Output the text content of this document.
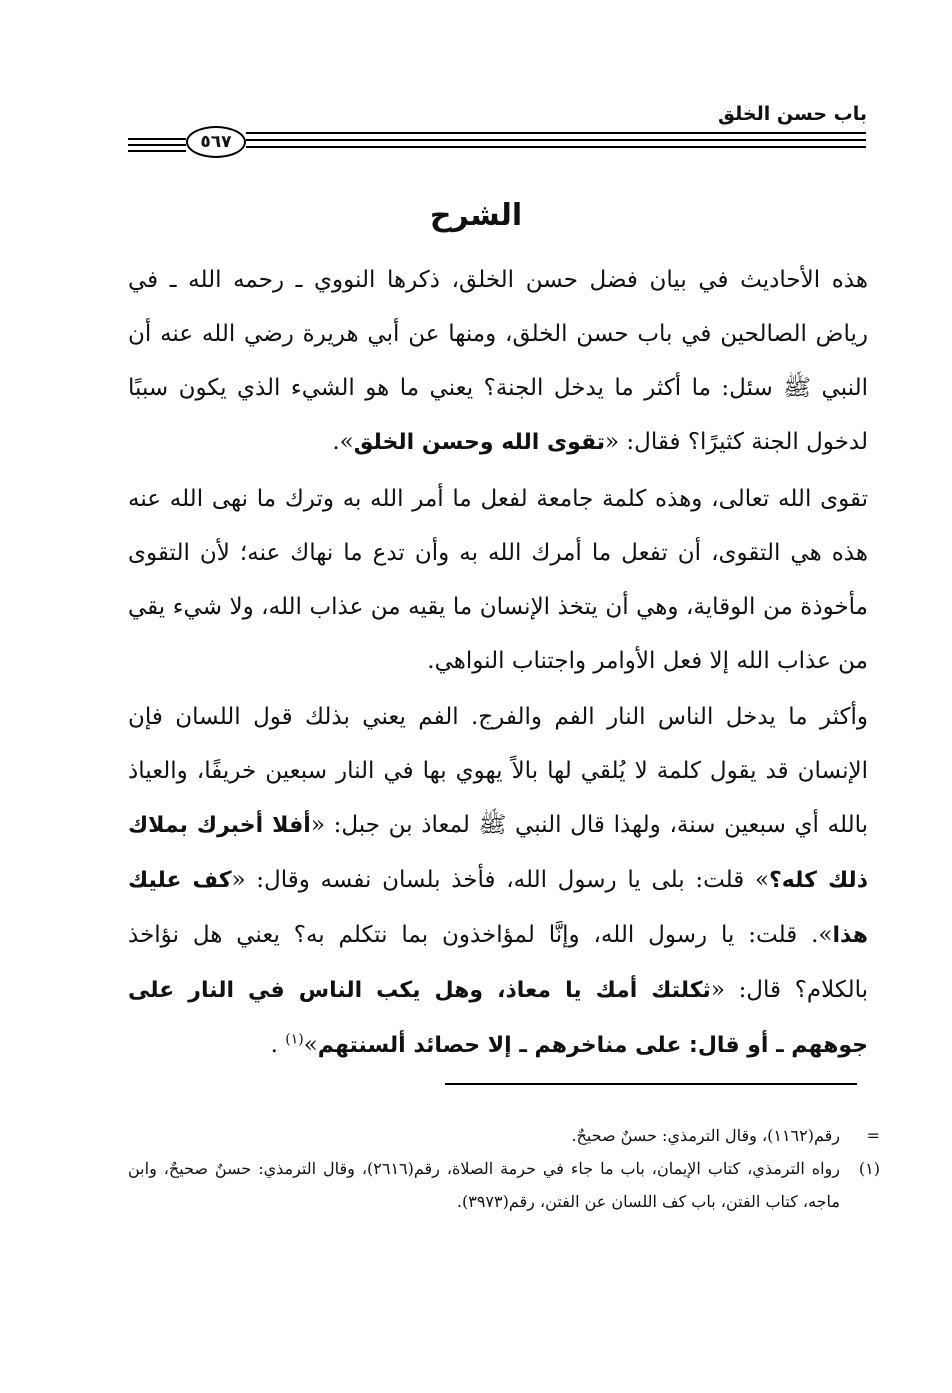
باب حسن الخلق
٥٦٧
الشرح

هذه الأحاديث في بيان فضل حسن الخلق، ذكرها النووي ـ رحمه الله ـ في رياض الصالحين في باب حسن الخلق، ومنها عن أبي هريرة رضي الله عنه أن النبي ﷺ سئل: ما أكثر ما يدخل الجنة؟ يعني ما هو الشيء الذي يكون سببًا لدخول الجنة كثيرًا؟ فقال: «تقوى الله وحسن الخلق».

تقوى الله تعالى، وهذه كلمة جامعة لفعل ما أمر الله به وترك ما نهى الله عنه هذه هي التقوى، أن تفعل ما أمرك الله به وأن تدع ما نهاك عنه؛ لأن التقوى مأخوذة من الوقاية، وهي أن يتخذ الإنسان ما يقيه من عذاب الله، ولا شيء يقي من عذاب الله إلا فعل الأوامر واجتناب النواهي.

وأكثر ما يدخل الناس النار الفم والفرج. الفم يعني بذلك قول اللسان فإن الإنسان قد يقول كلمة لا يُلقي لها بالاً يهوي بها في النار سبعين خريفًا، والعياذ بالله أي سبعين سنة، ولهذا قال النبي ﷺ لمعاذ بن جبل: «أفلا أخبرك بملاك ذلك كله؟» قلت: بلى يا رسول الله، فأخذ بلسان نفسه وقال: «كف عليك هذا». قلت: يا رسول الله، وإنَّا لمؤاخذون بما نتكلم به؟ يعني هل نؤاخذ بالكلام؟ قال: «ثكلتك أمك يا معاذ، وهل يكب الناس في النار على جوههم ـ أو قال: على مناخرهم ـ إلا حصائد ألسنتهم»$^{(١)}$ .

=
رقم(١١٦٢)، وقال الترمذي: حسنٌ صحيحٌ.
(١)
رواه الترمذي، كتاب الإيمان، باب ما جاء في حرمة الصلاة، رقم(٢٦١٦)، وقال الترمذي: حسنٌ صحيحٌ، وابن ماجه، كتاب الفتن، باب كف اللسان عن الفتن، رقم(٣٩٧٣).
